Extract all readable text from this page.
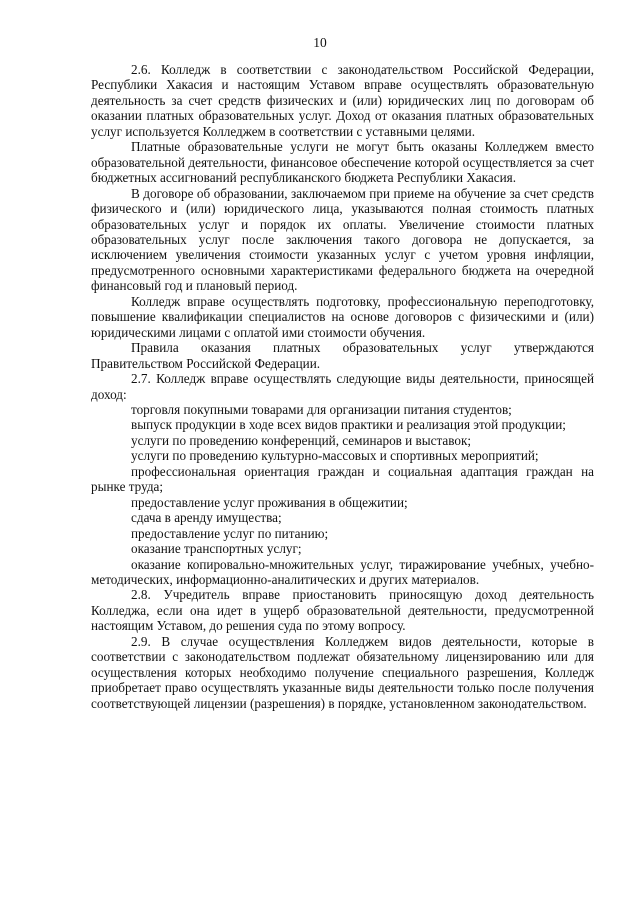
10

2.6. Колледж в соответствии с законодательством Российской Федерации, Республики Хакасия и настоящим Уставом вправе осуществлять образовательную деятельность за счет средств физических и (или) юридических лиц по договорам об оказании платных образовательных услуг. Доход от оказания платных образовательных услуг используется Колледжем в соответствии с уставными целями.

Платные образовательные услуги не могут быть оказаны Колледжем вместо образовательной деятельности, финансовое обеспечение которой осуществляется за счет бюджетных ассигнований республиканского бюджета Республики Хакасия.

В договоре об образовании, заключаемом при приеме на обучение за счет средств физического и (или) юридического лица, указываются полная стоимость платных образовательных услуг и порядок их оплаты. Увеличение стоимости платных образовательных услуг после заключения такого договора не допускается, за исключением увеличения стоимости указанных услуг с учетом уровня инфляции, предусмотренного основными характеристиками федерального бюджета на очередной финансовый год и плановый период.

Колледж вправе осуществлять подготовку, профессиональную переподготовку, повышение квалификации специалистов на основе договоров с физическими и (или) юридическими лицами с оплатой ими стоимости обучения.

Правила оказания платных образовательных услуг утверждаются Правительством Российской Федерации.

2.7. Колледж вправе осуществлять следующие виды деятельности, приносящей доход:

торговля покупными товарами для организации питания студентов;

выпуск продукции в ходе всех видов практики и реализация этой продукции;

услуги по проведению конференций, семинаров и выставок;

услуги по проведению культурно-массовых и спортивных мероприятий;

профессиональная ориентация граждан и социальная адаптация граждан на рынке труда;

предоставление услуг проживания в общежитии;

сдача в аренду имущества;

предоставление услуг по питанию;

оказание транспортных услуг;

оказание копировально-множительных услуг, тиражирование учебных, учебно-методических, информационно-аналитических и других материалов.

2.8. Учредитель вправе приостановить приносящую доход деятельность Колледжа, если она идет в ущерб образовательной деятельности, предусмотренной настоящим Уставом, до решения суда по этому вопросу.

2.9. В случае осуществления Колледжем видов деятельности, которые в соответствии с законодательством подлежат обязательному лицензированию или для осуществления которых необходимо получение специального разрешения, Колледж приобретает право осуществлять указанные виды деятельности только после получения соответствующей лицензии (разрешения) в порядке, установленном законодательством.
